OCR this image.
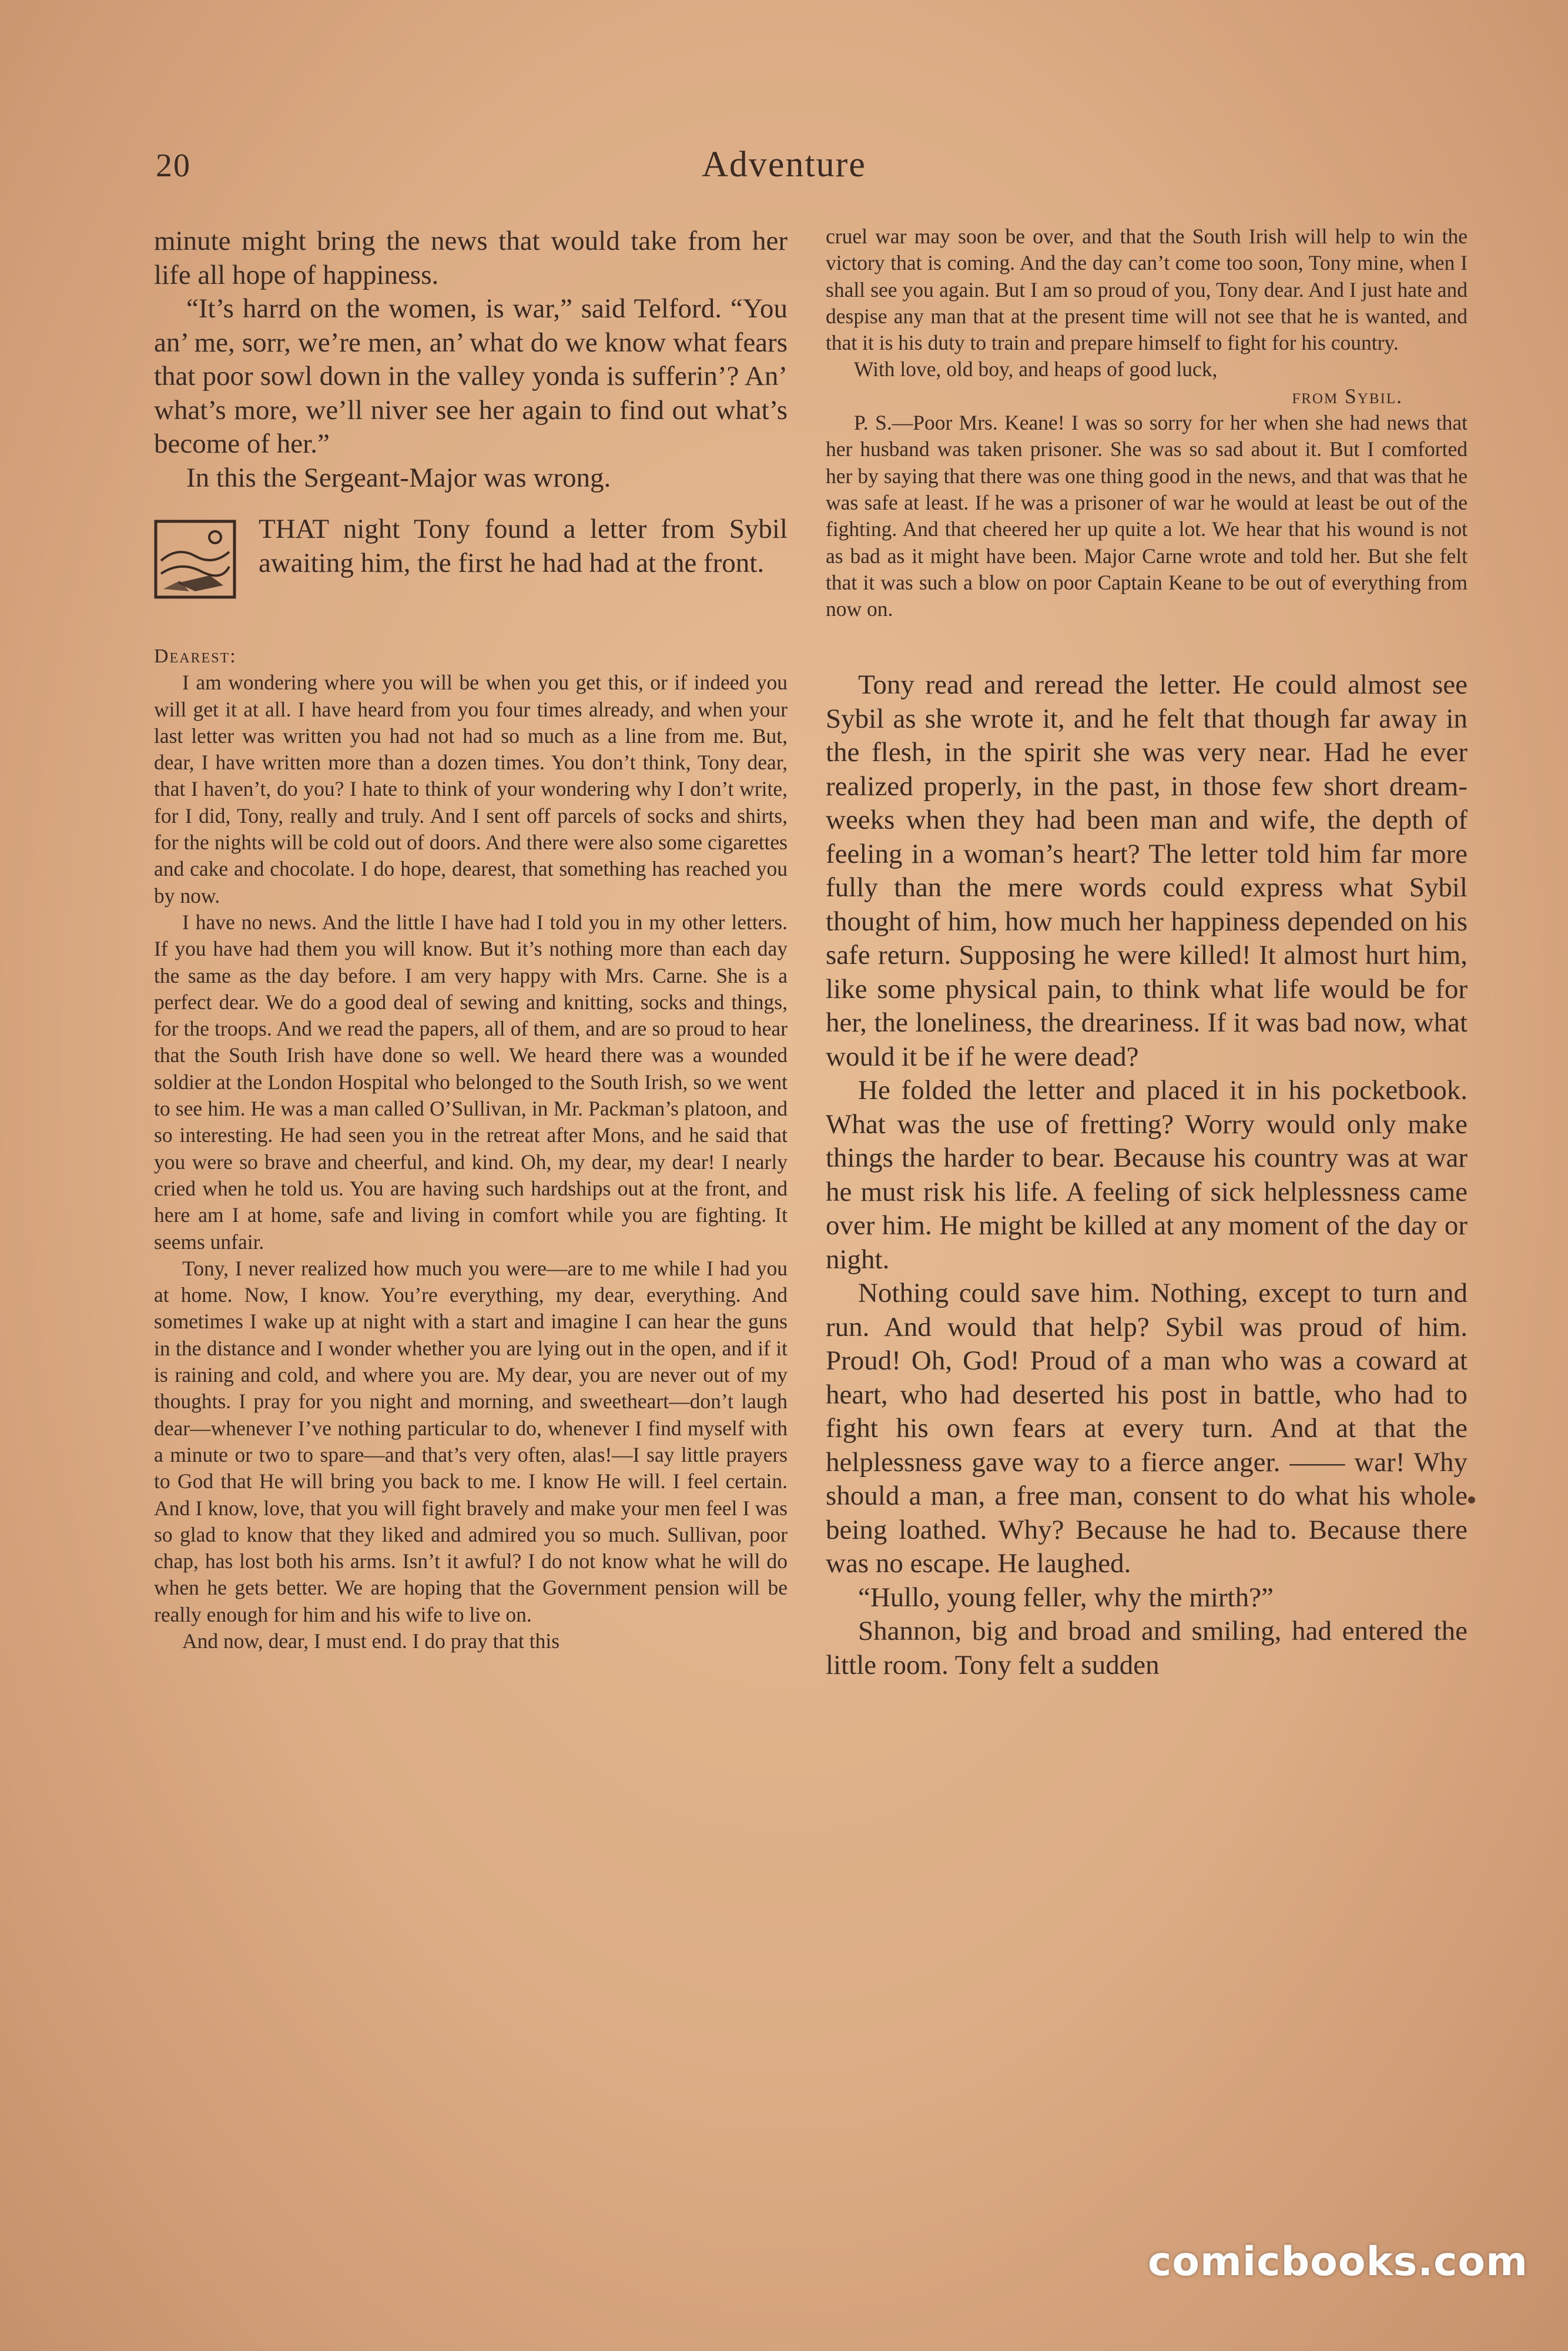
20	Adventure

minute might bring the news that would take from her life all hope of happiness.

“It’s harrd on the women, is war,” said Telford. “You an’ me, sorr, we’re men, an’ what do we know what fears that poor sowl down in the valley yonda is sufferin’? An’ what’s more, we’ll niver see her again to find out what’s become of her.”

In this the Sergeant-Major was wrong.

THAT night Tony found a letter from Sybil awaiting him, the first he had had at the front.
Dearest:

I am wondering where you will be when you get this, or if indeed you will get it at all. I have heard from you four times already, and when your last letter was written you had not had so much as a line from me. But, dear, I have written more than a dozen times. You don’t think, Tony dear, that I haven’t, do you? I hate to think of your wondering why I don’t write, for I did, Tony, really and truly. And I sent off parcels of socks and shirts, for the nights will be cold out of doors. And there were also some cigarettes and cake and chocolate. I do hope, dearest, that something has reached you by now.

I have no news. And the little I have had I told you in my other letters. If you have had them you will know. But it’s nothing more than each day the same as the day before. I am very happy with Mrs. Carne. She is a perfect dear. We do a good deal of sewing and knitting, socks and things, for the troops. And we read the papers, all of them, and are so proud to hear that the South Irish have done so well. We heard there was a wounded soldier at the London Hospital who belonged to the South Irish, so we went to see him. He was a man called O’Sullivan, in Mr. Packman’s platoon, and so interesting. He had seen you in the retreat after Mons, and he said that you were so brave and cheerful, and kind. Oh, my dear, my dear! I nearly cried when he told us. You are having such hardships out at the front, and here am I at home, safe and living in comfort while you are fighting. It seems unfair.

Tony, I never realized how much you were—are to me while I had you at home. Now, I know. You’re everything, my dear, everything. And sometimes I wake up at night with a start and imagine I can hear the guns in the distance and I wonder whether you are lying out in the open, and if it is raining and cold, and where you are. My dear, you are never out of my thoughts. I pray for you night and morning, and sweetheart—don’t laugh dear—whenever I’ve nothing particular to do, whenever I find myself with a minute or two to spare—and that’s very often, alas!—I say little prayers to God that He will bring you back to me. I know He will. I feel certain. And I know, love, that you will fight bravely and make your men feel I was so glad to know that they liked and admired you so much. Sullivan, poor chap, has lost both his arms. Isn’t it awful? I do not know what he will do when he gets better. We are hoping that the Government pension will be really enough for him and his wife to live on.

And now, dear, I must end. I do pray that this

cruel war may soon be over, and that the South Irish will help to win the victory that is coming. And the day can’t come too soon, Tony mine, when I shall see you again. But I am so proud of you, Tony dear. And I just hate and despise any man that at the present time will not see that he is wanted, and that it is his duty to train and prepare himself to fight for his country.

With love, old boy, and heaps of good luck,

from Sybil.

P. S.—Poor Mrs. Keane! I was so sorry for her when she had news that her husband was taken prisoner. She was so sad about it. But I comforted her by saying that there was one thing good in the news, and that was that he was safe at least. If he was a prisoner of war he would at least be out of the fighting. And that cheered her up quite a lot. We hear that his wound is not as bad as it might have been. Major Carne wrote and told her. But she felt that it was such a blow on poor Captain Keane to be out of everything from now on.

Tony read and reread the letter. He could almost see Sybil as she wrote it, and he felt that though far away in the flesh, in the spirit she was very near. Had he ever realized properly, in the past, in those few short dream-weeks when they had been man and wife, the depth of feeling in a woman’s heart? The letter told him far more fully than the mere words could express what Sybil thought of him, how much her happiness depended on his safe return. Supposing he were killed! It almost hurt him, like some physical pain, to think what life would be for her, the loneliness, the dreariness. If it was bad now, what would it be if he were dead?

He folded the letter and placed it in his pocketbook. What was the use of fretting? Worry would only make things the harder to bear. Because his country was at war he must risk his life. A feeling of sick helplessness came over him. He might be killed at any moment of the day or night.

Nothing could save him. Nothing, except to turn and run. And would that help? Sybil was proud of him. Proud! Oh, God! Proud of a man who was a coward at heart, who had deserted his post in battle, who had to fight his own fears at every turn. And at that the helplessness gave way to a fierce anger. —— war! Why should a man, a free man, consent to do what his whole being loathed. Why? Because he had to. Because there was no escape. He laughed.

“Hullo, young feller, why the mirth?”

Shannon, big and broad and smiling, had entered the little room. Tony felt a sudden

comicbooks.com
